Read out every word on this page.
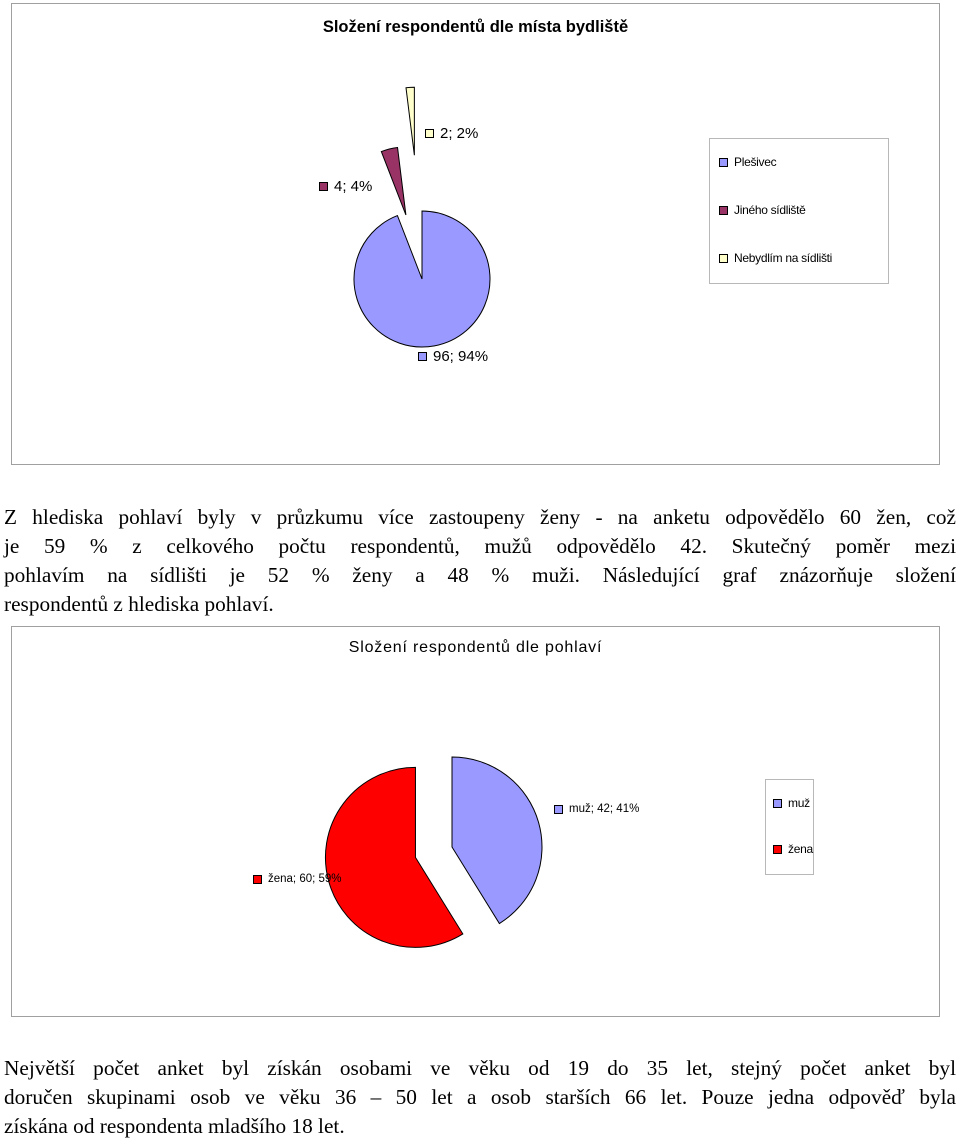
Složení respondentů dle místa bydliště
96; 94%
4; 4%
2; 2%
Plešivec
Jiného sídliště
Nebydlím na sídlišti

Z hlediska pohlaví byly v průzkumu více zastoupeny ženy - na anketu odpovědělo 60 žen, což
je 59 % z celkového počtu respondentů, mužů odpovědělo 42. Skutečný poměr mezi
pohlavím na sídlišti je 52 % ženy a 48 % muži. Následující graf znázorňuje složení
respondentů z hlediska pohlaví.

Složení respondentů dle pohlaví
muž; 42; 41%
žena; 60; 59%
muž
žena

Největší počet anket byl získán osobami ve věku od 19 do 35 let, stejný počet anket byl
doručen skupinami osob ve věku 36 – 50 let a osob starších 66 let. Pouze jedna odpověď byla
získána od respondenta mladšího 18 let.
